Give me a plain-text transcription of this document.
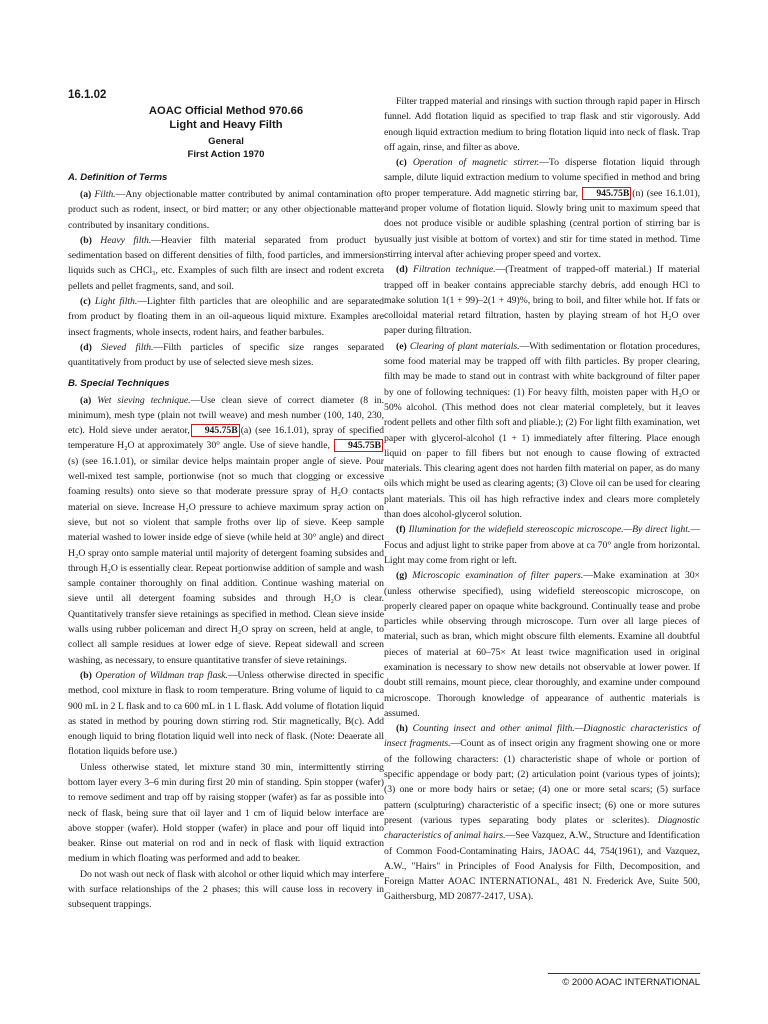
16.1.02
AOAC Official Method 970.66
Light and Heavy Filth
General
First Action 1970
A. Definition of Terms

(a) Filth.—Any objectionable matter contributed by animal contamination of product such as rodent, insect, or bird matter; or any other objectionable matter contributed by insanitary conditions.

(b) Heavy filth.—Heavier filth material separated from product by sedimentation based on different densities of filth, food particles, and immersion liquids such as CHCl₃, etc. Examples of such filth are insect and rodent excreta pellets and pellet fragments, sand, and soil.

(c) Light filth.—Lighter filth particles that are oleophilic and are separated from product by floating them in an oil-aqueous liquid mixture. Examples are insect fragments, whole insects, rodent hairs, and feather barbules.

(d) Sieved filth.—Filth particles of specific size ranges separated quantitatively from product by use of selected sieve mesh sizes.

B. Special Techniques

(a) Wet sieving technique.—Use clean sieve of correct diameter (8 in. minimum), mesh type (plain not twill weave) and mesh number (100, 140, 230, etc). Hold sieve under aerator, 945.75B (a) (see 16.1.01), spray of specified temperature H₂O at approximately 30° angle. Use of sieve handle, 945.75B(s) (see 16.1.01), or similar device helps maintain proper angle of sieve. Pour well-mixed test sample, portionwise (not so much that clogging or excessive foaming results) onto sieve so that moderate pressure spray of H₂O contacts material on sieve. Increase H₂O pressure to achieve maximum spray action on sieve, but not so violent that sample froths over lip of sieve. Keep sample material washed to lower inside edge of sieve (while held at 30° angle) and direct H₂O spray onto sample material until majority of detergent foaming subsides and through H₂O is essentially clear. Repeat portionwise addition of sample and wash sample container thoroughly on final addition. Continue washing material on sieve until all detergent foaming subsides and through H₂O is clear. Quantitatively transfer sieve retainings as specified in method. Clean sieve inside walls using rubber policeman and direct H₂O spray on screen, held at angle, to collect all sample residues at lower edge of sieve. Repeat sidewall and screen washing, as necessary, to ensure quantitative transfer of sieve retainings.

(b) Operation of Wildman trap flask.—Unless otherwise directed in specific method, cool mixture in flask to room temperature. Bring volume of liquid to ca 900 mL in 2 L flask and to ca 600 mL in 1 L flask. Add volume of flotation liquid as stated in method by pouring down stirring rod. Stir magnetically, B(c). Add enough liquid to bring flotation liquid well into neck of flask. (Note: Deaerate all flotation liquids before use.)

Unless otherwise stated, let mixture stand 30 min, intermittently stirring bottom layer every 3–6 min during first 20 min of standing. Spin stopper (wafer) to remove sediment and trap off by raising stopper (wafer) as far as possible into neck of flask, being sure that oil layer and 1 cm of liquid below interface are above stopper (wafer). Hold stopper (wafer) in place and pour off liquid into beaker. Rinse out material on rod and in neck of flask with liquid extraction medium in which floating was performed and add to beaker.

Do not wash out neck of flask with alcohol or other liquid which may interfere with surface relationships of the 2 phases; this will cause loss in recovery in subsequent trappings.

Filter trapped material and rinsings with suction through rapid paper in Hirsch funnel. Add flotation liquid as specified to trap flask and stir vigorously. Add enough liquid extraction medium to bring flotation liquid into neck of flask. Trap off again, rinse, and filter as above.

(c) Operation of magnetic stirrer.—To disperse flotation liquid through sample, dilute liquid extraction medium to volume specified in method and bring to proper temperature. Add magnetic stirring bar, 945.75B (n) (see 16.1.01), and proper volume of flotation liquid. Slowly bring unit to maximum speed that does not produce visible or audible splashing (central portion of stirring bar is usually just visible at bottom of vortex) and stir for time stated in method. Time stirring interval after achieving proper speed and vortex.

(d) Filtration technique.—(Treatment of trapped-off material.) If material trapped off in beaker contains appreciable starchy debris, add enough HCl to make solution 1(1 + 99)–2(1 + 49)%, bring to boil, and filter while hot. If fats or colloidal material retard filtration, hasten by playing stream of hot H₂O over paper during filtration.

(e) Clearing of plant materials.—With sedimentation or flotation procedures, some food material may be trapped off with filth particles. By proper clearing, filth may be made to stand out in contrast with white background of filter paper by one of following techniques: (1) For heavy filth, moisten paper with H₂O or 50% alcohol. (This method does not clear material completely, but it leaves rodent pellets and other filth soft and pliable.); (2) For light filth examination, wet paper with glycerol-alcohol (1 + 1) immediately after filtering. Place enough liquid on paper to fill fibers but not enough to cause flowing of extracted materials. This clearing agent does not harden filth material on paper, as do many oils which might be used as clearing agents; (3) Clove oil can be used for clearing plant materials. This oil has high refractive index and clears more completely than does alcohol-glycerol solution.

(f) Illumination for the widefield stereoscopic microscope.—By direct light.—Focus and adjust light to strike paper from above at ca 70° angle from horizontal. Light may come from right or left.

(g) Microscopic examination of filter papers.—Make examination at 30× (unless otherwise specified), using widefield stereoscopic microscope, on properly cleared paper on opaque white background. Continually tease and probe particles while observing through microscope. Turn over all large pieces of material, such as bran, which might obscure filth elements. Examine all doubtful pieces of material at 60–75× At least twice magnification used in original examination is necessary to show new details not observable at lower power. If doubt still remains, mount piece, clear thoroughly, and examine under compound microscope. Thorough knowledge of appearance of authentic materials is assumed.

(h) Counting insect and other animal filth.—Diagnostic characteristics of insect fragments.—Count as of insect origin any fragment showing one or more of the following characters: (1) characteristic shape of whole or portion of specific appendage or body part; (2) articulation point (various types of joints); (3) one or more body hairs or setae; (4) one or more setal scars; (5) surface pattern (sculpturing) characteristic of a specific insect; (6) one or more sutures present (various types separating body plates or sclerites). Diagnostic characteristics of animal hairs.—See Vazquez, A.W., Structure and Identification of Common Food-Contaminating Hairs, JAOAC 44, 754(1961), and Vazquez, A.W., "Hairs" in Principles of Food Analysis for Filth, Decomposition, and Foreign Matter AOAC INTERNATIONAL, 481 N. Frederick Ave, Suite 500, Gaithersburg, MD 20877-2417, USA).

© 2000 AOAC INTERNATIONAL
